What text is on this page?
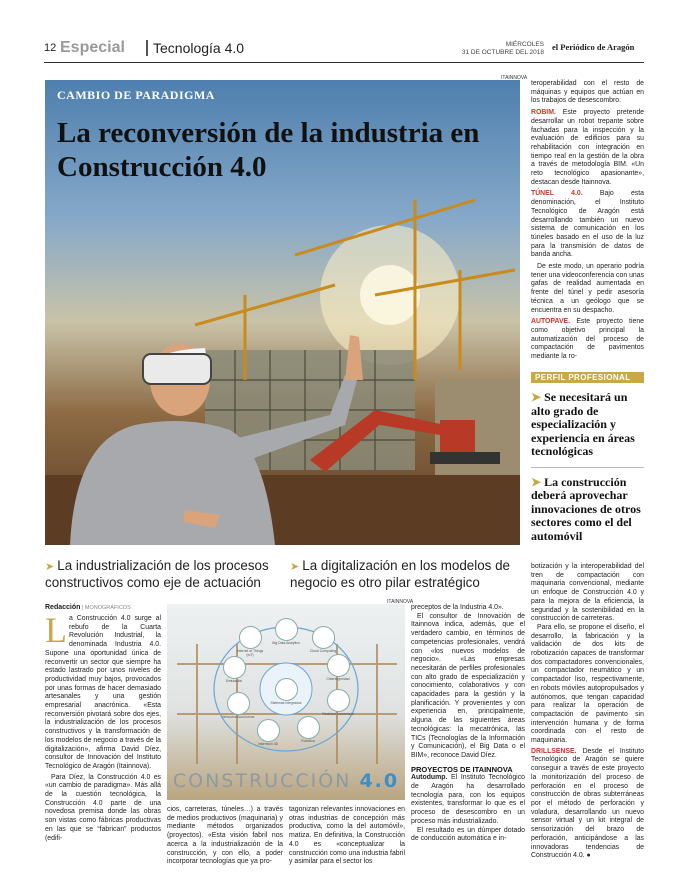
12 Especial	Tecnología 4.0	MIÉRCOLES
31 DE OCTUBRE DEL 2018
el Periódico de Aragón
CAMBIO DE PARADIGMA
La reconversión de la industria en Construcción 4.0
ITAINNOVA

teroperabilidad con el resto de máquinas y equipos que actúan en los trabajos de desescombro.

ROBIM. Este proyecto pretende desarrollar un robot trepante sobre fachadas para la inspección y la evaluación de edificios para su rehabilitación con integración en tiempo real en la gestión de la obra a través de metodología BIM. «Un reto tecnológico apasionante», destacan desde Itainnova.

TÚNEL 4.0. Bajo esta denominación, el Instituto Tecnológico de Aragón está desarrollando también un nuevo sistema de comunicación en los túneles basado en el uso de la luz para la transmisión de datos de banda ancha.

De este modo, un operario podría tener una videoconferencia con unas gafas de realidad aumentada en frente del túnel y pedir asesoría técnica a un geólogo que se encuentra en su despacho.

AUTOPAVE. Este proyecto tiene como objetivo principal la automatización del proceso de compactación de pavimentos mediante la ro-

PERFIL PROFESIONAL
➤ Se necesitará un alto grado de especialización y experiencia en áreas tecnológicas
➤ La construcción deberá aprovechar innovaciones de otros sectores como el del automóvil
➤ La industrialización de los procesos constructivos como eje de actuación
➤ La digitalización en los modelos de negocio es otro pilar estratégico
Redacción | MONOGRÁFICOS
L a Construcción 4.0 surge al rebufo de la Cuarta Revolución Industrial, la denominada Industria 4.0. Supone una oportunidad única de reconvertir un sector que siempre ha estado lastrado por unos niveles de productividad muy bajos, provocados por unas formas de hacer demasiado artesanales y una gestión empresarial anacrónica. «Esta reconversión pivotará sobre dos ejes, la industrialización de los procesos constructivos y la transformación de los modelos de negocio a través de la digitalización», afirma David Díez, consultor de Innovación del Instituto Tecnológico de Aragón (Itainnova).

Para Díez, la Construcción 4.0 es «un cambio de paradigma». Más allá de la cuestión tecnológica, la Construcción 4.0 parte de una novedosa premisa donde las obras son vistas como fábricas productivas en las que se “fabrican” productos (edifi-

Internet of Things (IoT)
Big Data Analytics
Cloud Computing
Ciberseguridad
Realidad Aumentada
Robótica
Impresión 3D
Vehículos Autónomos
Simulación
Sistemas Integrados
CONSTRUCCIÓN 4.0
ITAINNOVA

cios, carreteras, túneles…) a través de medios productivos (maquinaria) y mediante métodos organizados (proyectos). «Esta visión fabril nos acerca a la industrialización de la construcción, y con ello, a poder incorporar tecnologías que ya pro-

tagonizan relevantes innovaciones en otras industrias de concepción más productiva, como la del automóvil», matiza. En definitiva, la Construcción 4.0 es «conceptualizar la construcción como una industria fabril y asimilar para el sector los

preceptos de la Industria 4.0».

El consultor de Innovación de Itainnova indica, además, que el verdadero cambio, en términos de competencias profesionales, vendrá con «los nuevos modelos de negocio». «Las empresas necesitarán de perfiles profesionales con alto grado de especialización y conocimiento, colaborativos y con capacidades para la gestión y la planificación. Y provenientes y con experiencia en, principalmente, alguna de las siguientes áreas tecnológicas: la mecatrónica, las TICs (Tecnologías de la Información y Comunicación), el Big Data o el BIM», reconoce David Díez.

PROYECTOS DE ITAINNOVA

Autodump. El Instituto Tecnológico de Aragón ha desarrollado tecnología para, con los equipos existentes, transformar lo que es el proceso de desescombro en un proceso más industrializado.

El resultado es un dúmper dotado de conducción automática e in-

botización y la interoperabilidad del tren de compactación con maquinaria convencional, mediante un enfoque de Construcción 4.0 y para la mejora de la eficiencia, la seguridad y la sostenibilidad en la construcción de carreteras.

Para ello, se propone el diseño, el desarrollo, la fabricación y la validación de dos kits de robotización capaces de transformar dos compactadores convencionales, un compactador neumático y un compactador liso, respectivamente, en robots móviles autopropulsados y autónomos, que tengan capacidad para realizar la operación de compactación de pavimento sin intervención humana y de forma coordinada con el resto de maquinaria.

DRILLSENSE. Desde el Instituto Tecnológico de Aragón se quiere conseguir a través de este proyecto la monitorización del proceso de perforación en el proceso de construcción de obras subterráneas por el método de perforación y voladura, desarrollando un nuevo sensor virtual y un kit integral de sensorización del brazo de perforación, anticipándose a las innovadoras tendencias de Construcción 4.0. ●
